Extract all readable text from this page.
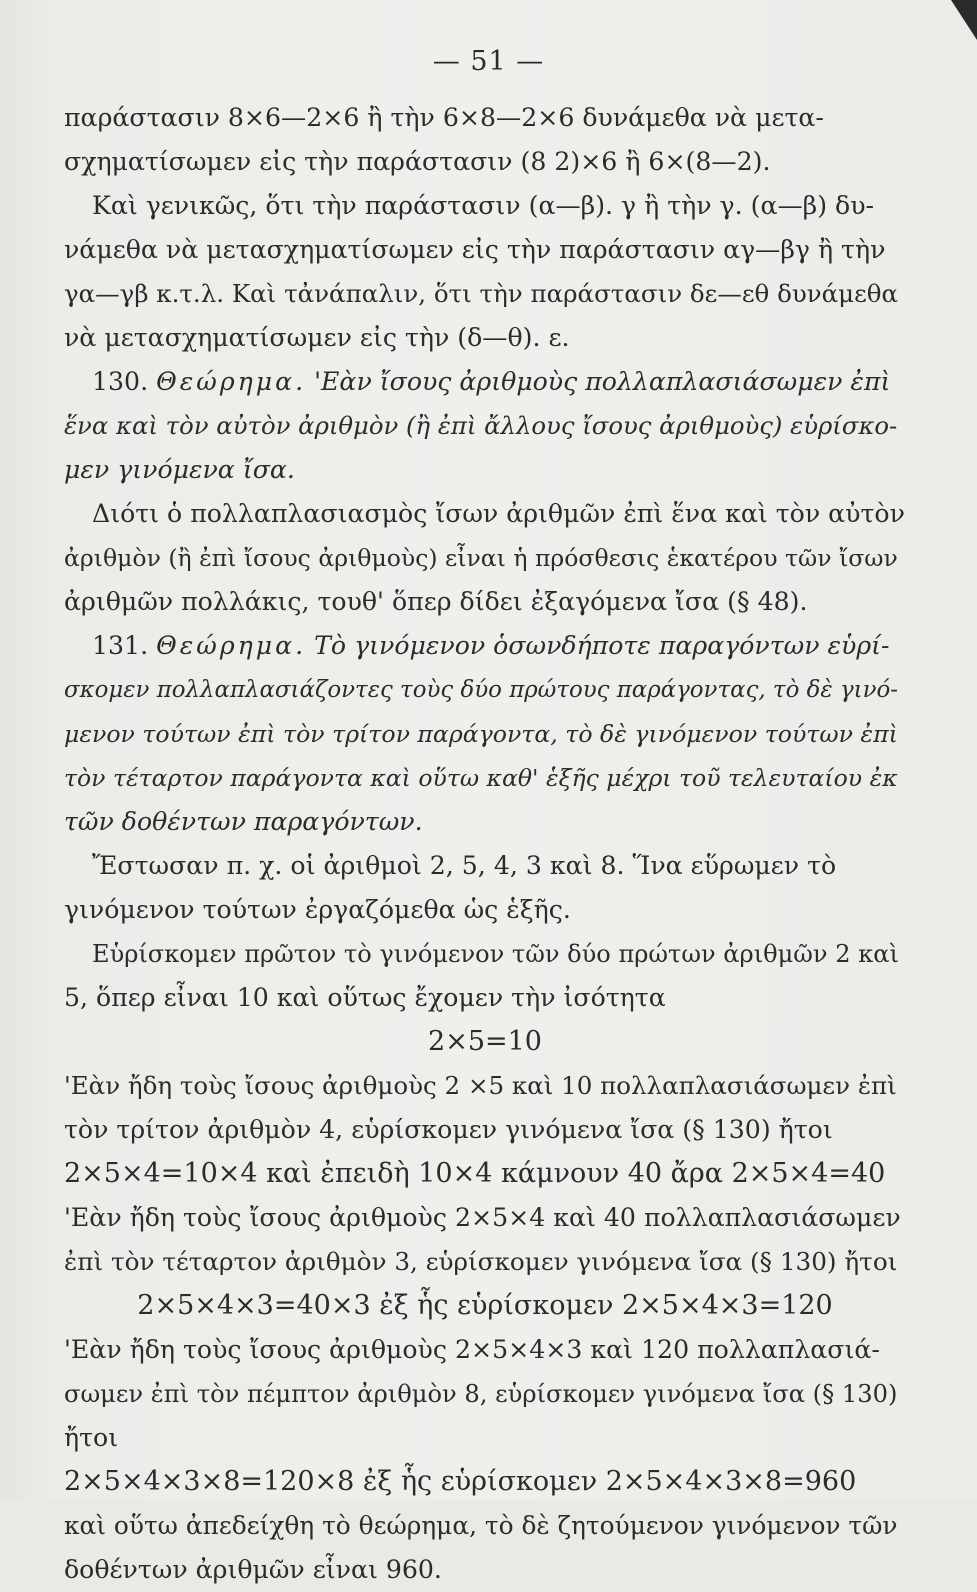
— 51 —
παράστασιν 8×6—2×6 ἢ τὴν 6×8—2×6 δυνάμεθα νὰ μετα-
σχηματίσωμεν εἰς τὴν παράστασιν (8 2)×6 ἢ 6×(8—2).
Καὶ γενικῶς, ὅτι τὴν παράστασιν (α—β). γ ἢ τὴν γ. (α—β) δυ-
νάμεθα νὰ μετασχηματίσωμεν εἰς τὴν παράστασιν αγ—βγ ἢ τὴν
γα—γβ κ.τ.λ. Καὶ τἀνάπαλιν, ὅτι τὴν παράστασιν δε—εθ δυνάμεθα
νὰ μετασχηματίσωμεν εἰς τὴν (δ—θ). ε.
130. Θεώρημα. 'Εὰν ἴσους ἀριθμοὺς πολλαπλασιάσωμεν ἐπὶ
ἕνα καὶ τὸν αὐτὸν ἀριθμὸν (ἢ ἐπὶ ἄλλους ἴσους ἀριθμοὺς) εὑρίσκο-
μεν γινόμενα ἴσα.
Διότι ὁ πολλαπλασιασμὸς ἴσων ἀριθμῶν ἐπὶ ἕνα καὶ τὸν αὐτὸν
ἀριθμὸν (ἢ ἐπὶ ἴσους ἀριθμοὺς) εἶναι ἡ πρόσθεσις ἑκατέρου τῶν ἴσων
ἀριθμῶν πολλάκις, τουθ' ὅπερ δίδει ἐξαγόμενα ἴσα (§ 48).
131. Θεώρημα. Τὸ γινόμενον ὁσωνδήποτε παραγόντων εὑρί-
σκομεν πολλαπλασιάζοντες τοὺς δύο πρώτους παράγοντας, τὸ δὲ γινό-
μενον τούτων ἐπὶ τὸν τρίτον παράγοντα, τὸ δὲ γινόμενον τούτων ἐπὶ
τὸν τέταρτον παράγοντα καὶ οὕτω καθ' ἑξῆς μέχρι τοῦ τελευταίου ἐκ
τῶν δοθέντων παραγόντων.
Ἔστωσαν π. χ. οἱ ἀριθμοὶ 2, 5, 4, 3 καὶ 8. Ἵνα εὕρωμεν τὸ
γινόμενον τούτων ἐργαζόμεθα ὡς ἑξῆς.
Εὑρίσκομεν πρῶτον τὸ γινόμενον τῶν δύο πρώτων ἀριθμῶν 2 καὶ
5, ὅπερ εἶναι 10 καὶ οὕτως ἔχομεν τὴν ἰσότητα
2×5=10
'Εὰν ἤδη τοὺς ἴσους ἀριθμοὺς 2 ×5 καὶ 10 πολλαπλασιάσωμεν ἐπὶ
τὸν τρίτον ἀριθμὸν 4, εὑρίσκομεν γινόμενα ἴσα (§ 130) ἤτοι
2×5×4=10×4 καὶ ἐπειδὴ 10×4 κάμνουν 40 ἄρα 2×5×4=40
'Εὰν ἤδη τοὺς ἴσους ἀριθμοὺς 2×5×4 καὶ 40 πολλαπλασιάσωμεν
ἐπὶ τὸν τέταρτον ἀριθμὸν 3, εὑρίσκομεν γινόμενα ἴσα (§ 130) ἤτοι
2×5×4×3=40×3 ἐξ ἧς εὑρίσκομεν 2×5×4×3=120
'Εὰν ἤδη τοὺς ἴσους ἀριθμοὺς 2×5×4×3 καὶ 120 πολλαπλασιά-
σωμεν ἐπὶ τὸν πέμπτον ἀριθμὸν 8, εὑρίσκομεν γινόμενα ἴσα (§ 130)
ἤτοι
2×5×4×3×8=120×8 ἐξ ἧς εὑρίσκομεν 2×5×4×3×8=960
καὶ οὕτω ἀπεδείχθη τὸ θεώρημα, τὸ δὲ ζητούμενον γινόμενον τῶν
δοθέντων ἀριθμῶν εἶναι 960.
